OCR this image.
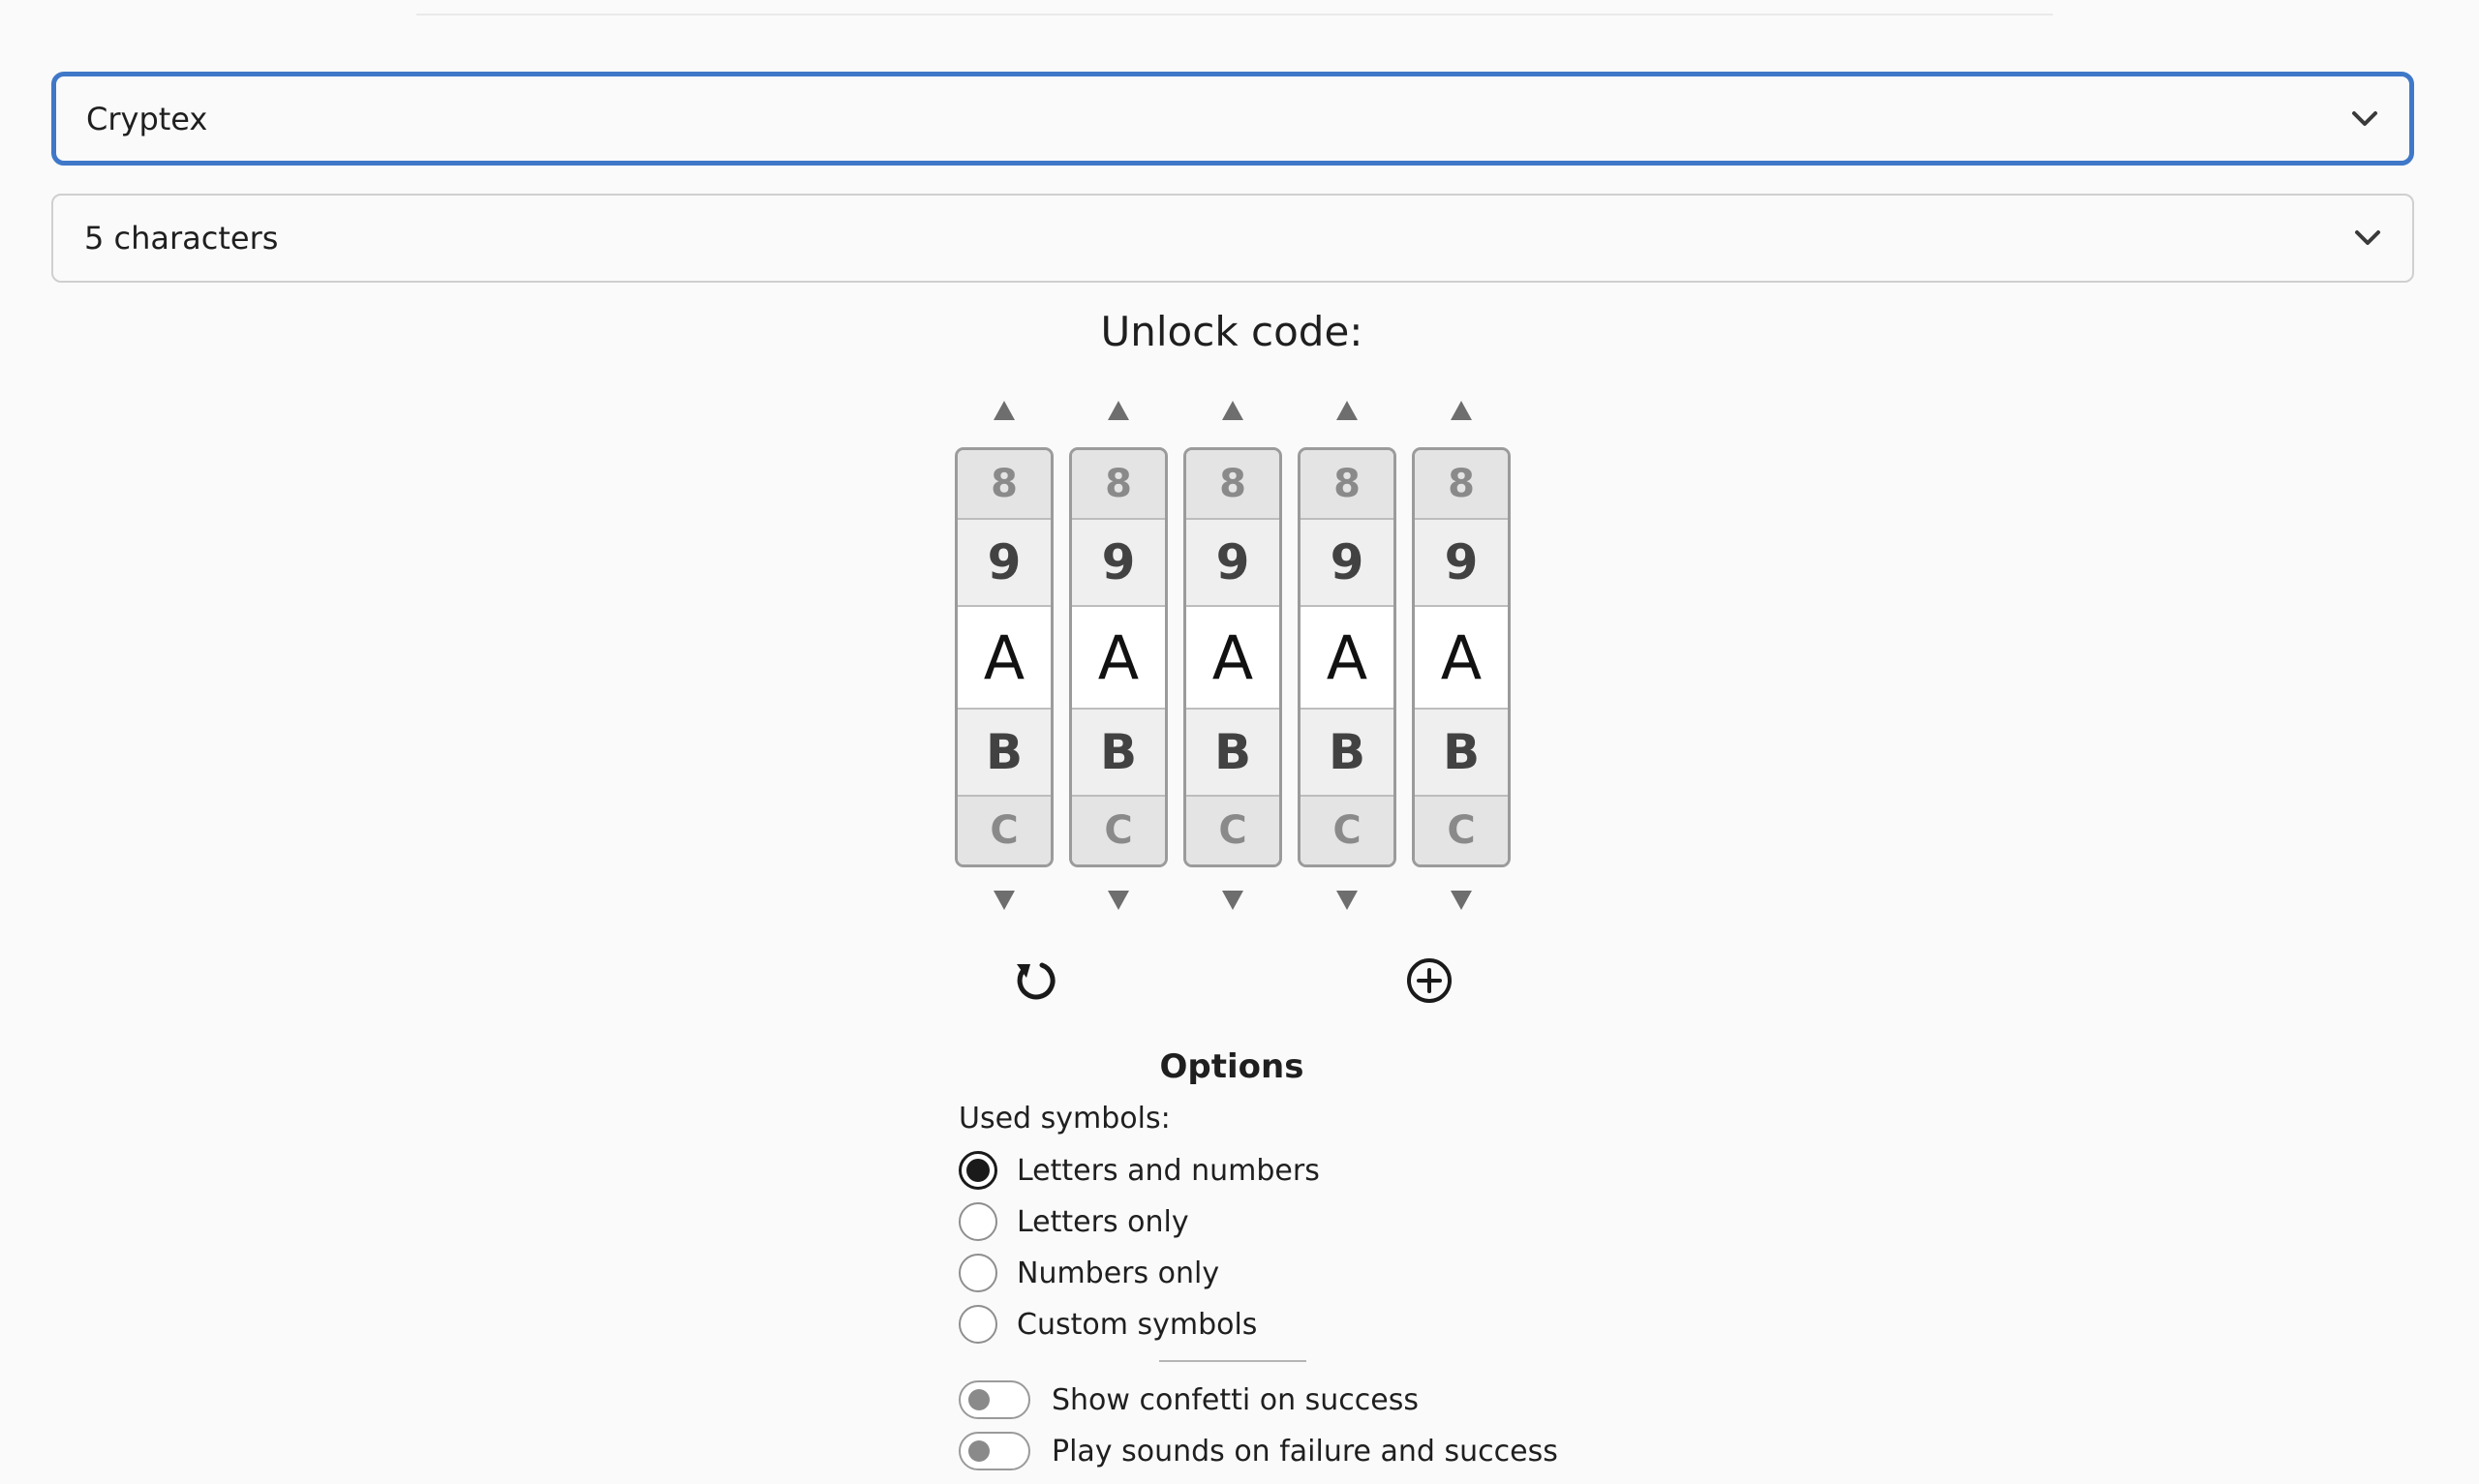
Cryptex
5 characters
Unlock code:
8
9
A
B
C
8
9
A
B
C
8
9
A
B
C
8
9
A
B
C
8
9
A
B
C
Options
Used symbols:
Letters and numbers
Letters only
Numbers only
Custom symbols
Show confetti on success
Play sounds on failure and success
